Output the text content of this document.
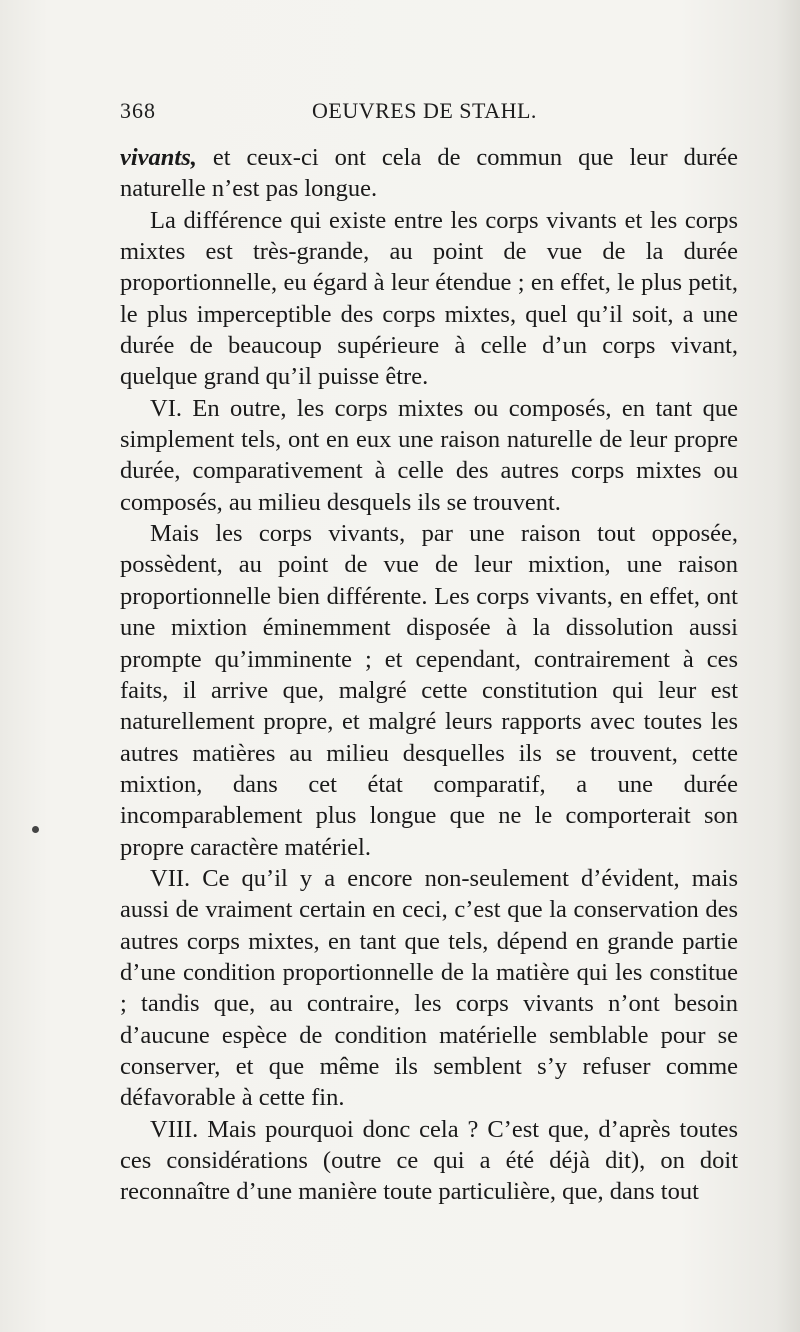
368	OEUVRES DE STAHL.

vivants, et ceux-ci ont cela de commun que leur durée naturelle n’est pas longue.

La différence qui existe entre les corps vivants et les corps mixtes est très-grande, au point de vue de la durée proportionnelle, eu égard à leur étendue ; en effet, le plus petit, le plus imperceptible des corps mixtes, quel qu’il soit, a une durée de beaucoup supérieure à celle d’un corps vivant, quelque grand qu’il puisse être.

VI. En outre, les corps mixtes ou composés, en tant que simplement tels, ont en eux une raison naturelle de leur propre durée, comparativement à celle des autres corps mixtes ou composés, au milieu desquels ils se trouvent.

Mais les corps vivants, par une raison tout opposée, possèdent, au point de vue de leur mixtion, une raison proportionnelle bien différente. Les corps vivants, en effet, ont une mixtion éminemment disposée à la dissolution aussi prompte qu’imminente ; et cependant, contrairement à ces faits, il arrive que, malgré cette constitution qui leur est naturellement propre, et malgré leurs rapports avec toutes les autres matières au milieu desquelles ils se trouvent, cette mixtion, dans cet état comparatif, a une durée incomparablement plus longue que ne le comporterait son propre caractère matériel.

VII. Ce qu’il y a encore non-seulement d’évident, mais aussi de vraiment certain en ceci, c’est que la conservation des autres corps mixtes, en tant que tels, dépend en grande partie d’une condition proportionnelle de la matière qui les constitue ; tandis que, au contraire, les corps vivants n’ont besoin d’aucune espèce de condition matérielle semblable pour se conserver, et que même ils semblent s’y refuser comme défavorable à cette fin.

VIII. Mais pourquoi donc cela ? C’est que, d’après toutes ces considérations (outre ce qui a été déjà dit), on doit reconnaître d’une manière toute particulière, que, dans tout
